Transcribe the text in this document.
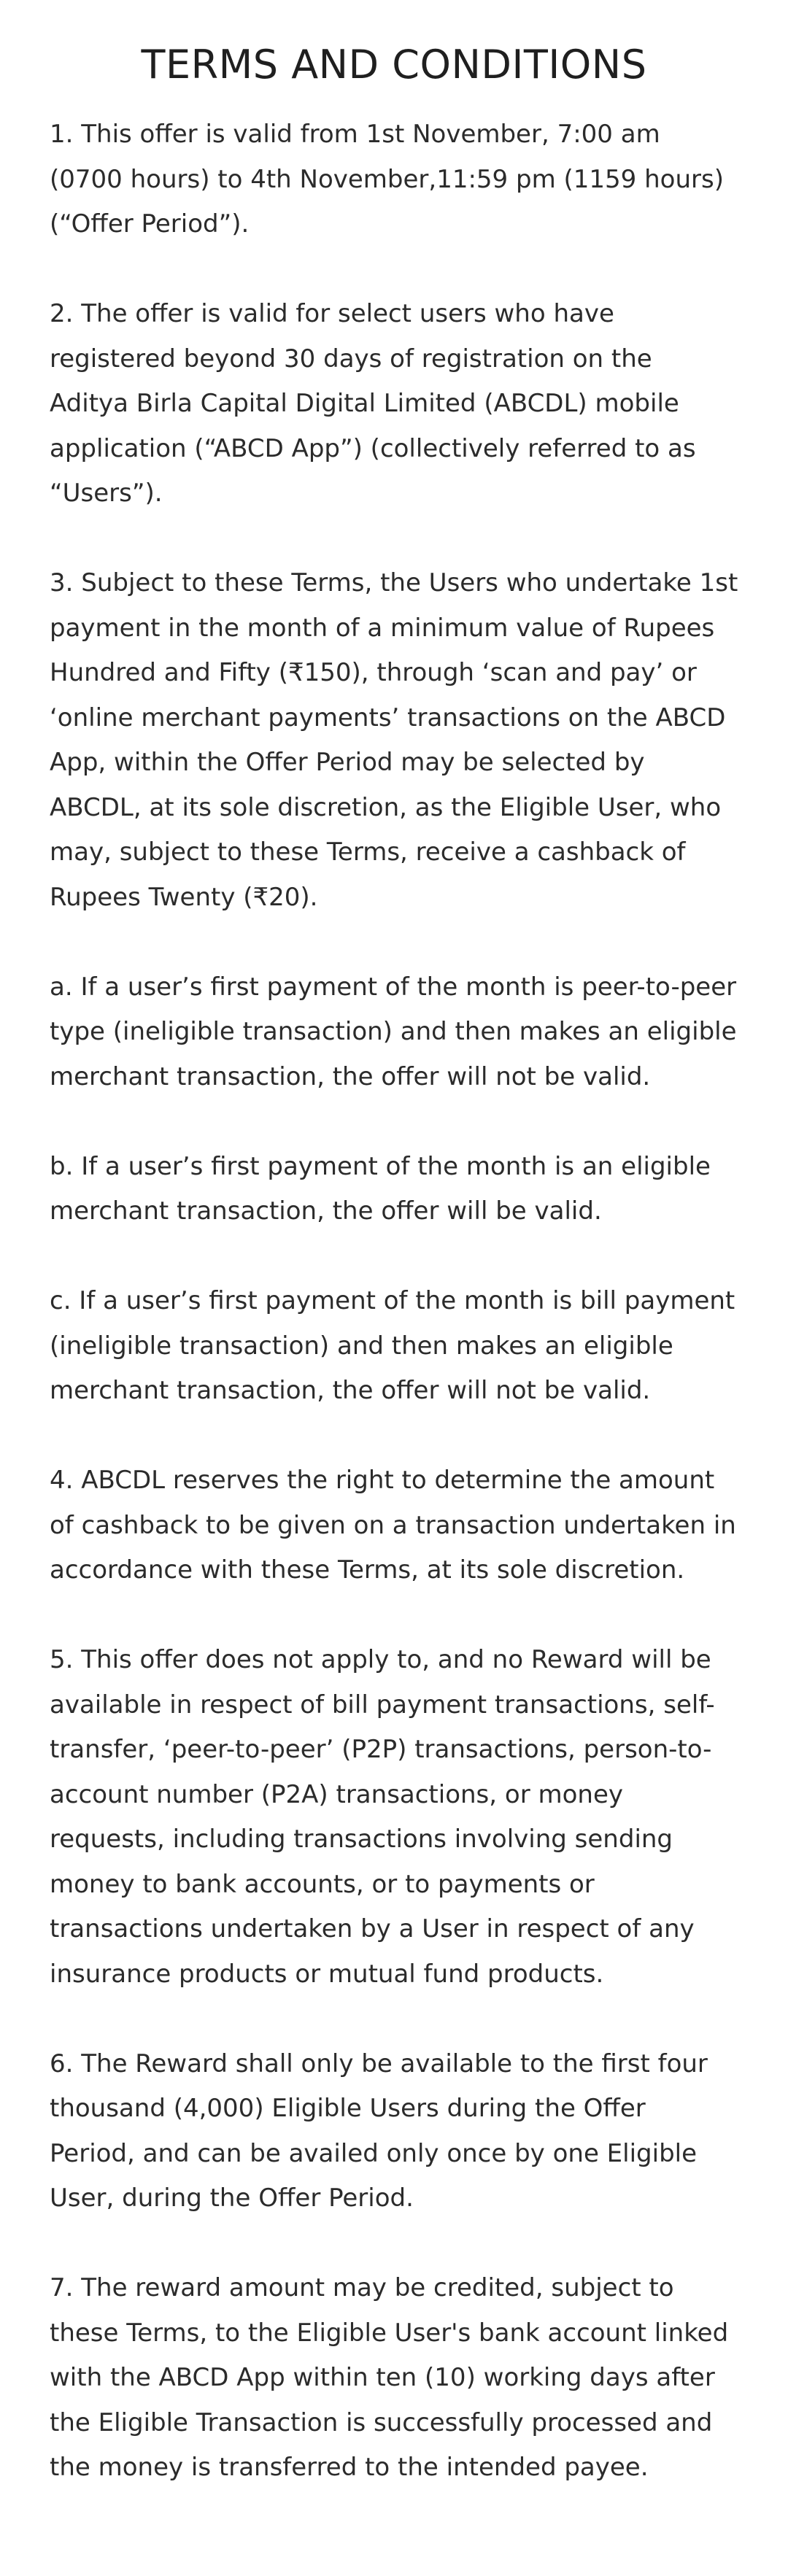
TERMS AND CONDITIONS

1. This offer is valid from 1st November, 7:00 am (0700 hours) to 4th November,11:59 pm (1159 hours) (“Offer Period”).

2. The offer is valid for select users who have registered beyond 30 days of registration on the Aditya Birla Capital Digital Limited (ABCDL) mobile application (“ABCD App”) (collectively referred to as “Users”).

3. Subject to these Terms, the Users who undertake 1st payment in the month of a minimum value of Rupees Hundred and Fifty (₹150), through ‘scan and pay’ or ‘online merchant payments’ transactions on the ABCD App, within the Offer Period may be selected by ABCDL, at its sole discretion, as the Eligible User, who may, subject to these Terms, receive a cashback of Rupees Twenty (₹20).

a. If a user’s first payment of the month is peer-to-peer type (ineligible transaction) and then makes an eligible merchant transaction, the offer will not be valid.

b. If a user’s first payment of the month is an eligible merchant transaction, the offer will be valid.

c. If a user’s first payment of the month is bill payment (ineligible transaction) and then makes an eligible merchant transaction, the offer will not be valid.

4. ABCDL reserves the right to determine the amount of cashback to be given on a transaction undertaken in accordance with these Terms, at its sole discretion.

5. This offer does not apply to, and no Reward will be available in respect of bill payment transactions, self-transfer, ‘peer-to-peer’ (P2P) transactions, person-to-account number (P2A) transactions, or money requests, including transactions involving sending money to bank accounts, or to payments or transactions undertaken by a User in respect of any insurance products or mutual fund products.

6. The Reward shall only be available to the first four thousand (4,000) Eligible Users during the Offer Period, and can be availed only once by one Eligible User, during the Offer Period.

7. The reward amount may be credited, subject to these Terms, to the Eligible User's bank account linked with the ABCD App within ten (10) working days after the Eligible Transaction is successfully processed and the money is transferred to the intended payee.
